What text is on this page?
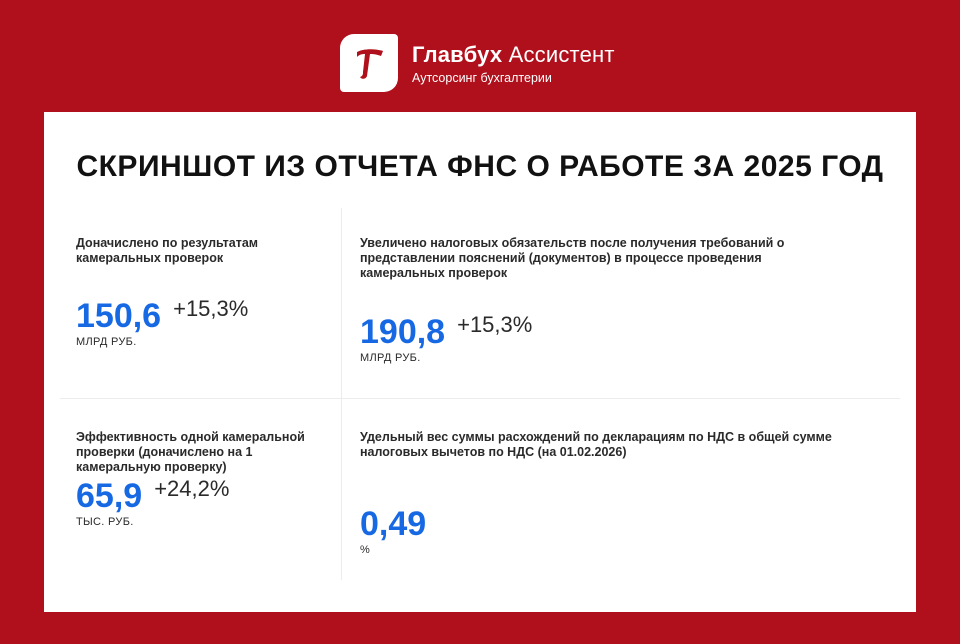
Главбух Ассистент
Аутсорсинг бухгалтерии
СКРИНШОТ ИЗ ОТЧЕТА ФНС О РАБОТЕ ЗА 2025 ГОД
Доначислено по результатам камеральных проверок
150,6 +15,3%
МЛРД РУБ.
Увеличено налоговых обязательств после получения требований о представлении пояснений (документов) в процессе проведения камеральных проверок
190,8 +15,3%
МЛРД РУБ.
Эффективность одной камеральной проверки (доначислено на 1 камеральную проверку)
65,9 +24,2%
ТЫС. РУБ.
Удельный вес суммы расхождений по декларациям по НДС в общей сумме налоговых вычетов по НДС (на 01.02.2026)
0,49
%
